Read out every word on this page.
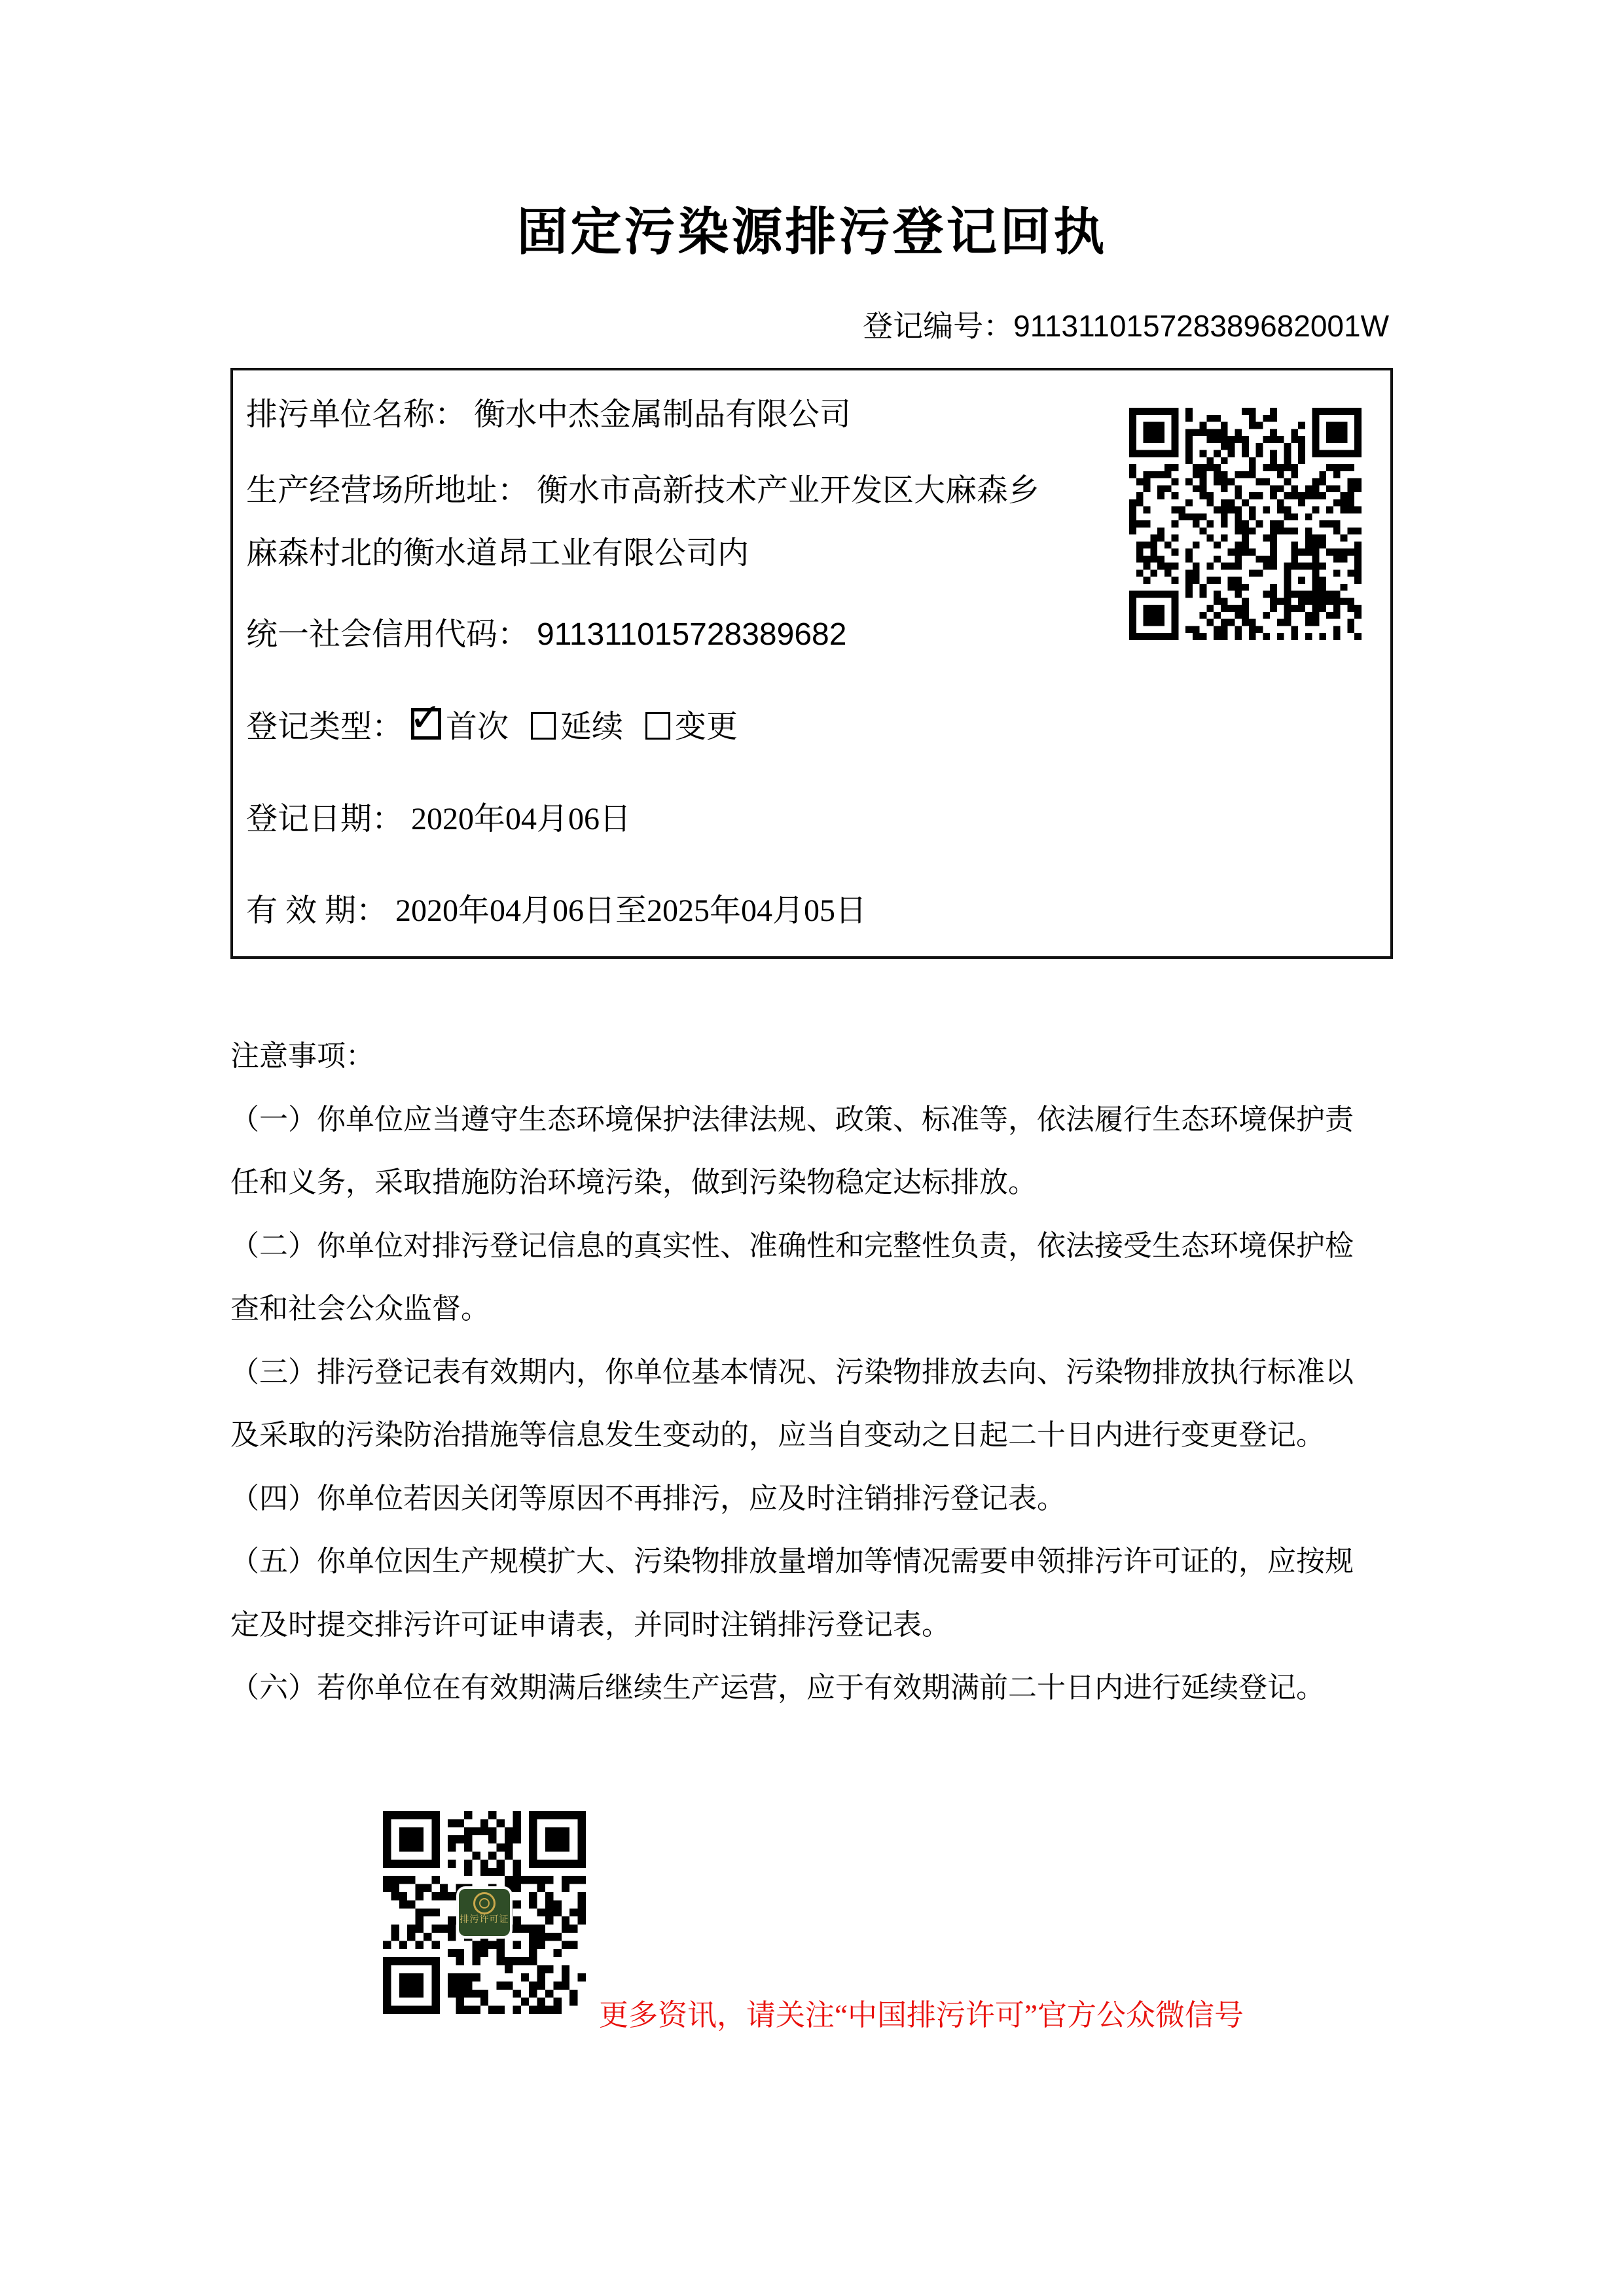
固定污染源排污登记回执
登记编号：911311015728389682001W
排污单位名称： 衡水中杰金属制品有限公司
生产经营场所地址： 衡水市高新技术产业开发区大麻森乡
麻森村北的衡水道昂工业有限公司内
统一社会信用代码： 911311015728389682
登记类型： ✓ 首次 延续 变更
登记日期： 2020年04月06日
有 效 期： 2020年04月06日至2025年04月05日
注意事项：
（一）你单位应当遵守生态环境保护法律法规、政策、标准等，依法履行生态环境保护责
任和义务，采取措施防治环境污染，做到污染物稳定达标排放。
（二）你单位对排污登记信息的真实性、准确性和完整性负责，依法接受生态环境保护检
查和社会公众监督。
（三）排污登记表有效期内，你单位基本情况、污染物排放去向、污染物排放执行标准以
及采取的污染防治措施等信息发生变动的，应当自变动之日起二十日内进行变更登记。
（四）你单位若因关闭等原因不再排污，应及时注销排污登记表。
（五）你单位因生产规模扩大、污染物排放量增加等情况需要申领排污许可证的，应按规
定及时提交排污许可证申请表，并同时注销排污登记表。
（六）若你单位在有效期满后继续生产运营，应于有效期满前二十日内进行延续登记。
排污许可证
更多资讯，请关注“中国排污许可”官方公众微信号
